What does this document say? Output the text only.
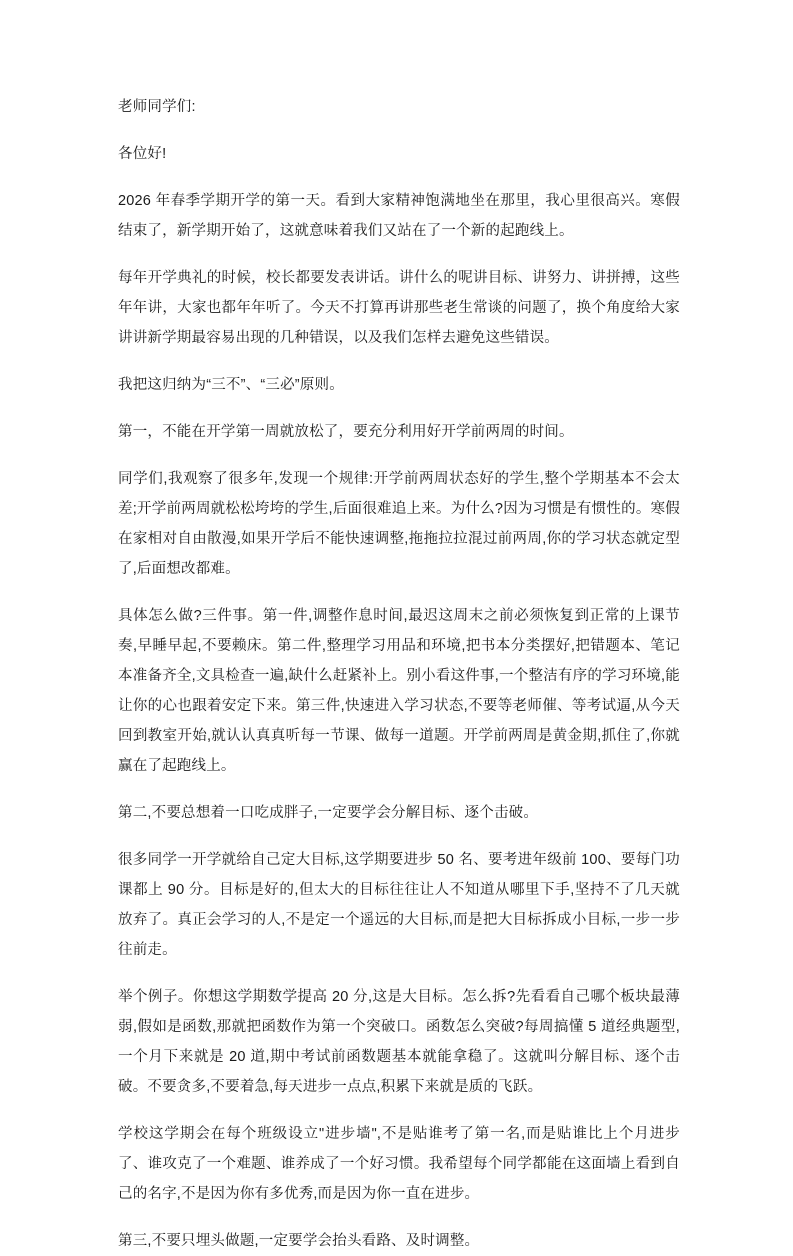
老师同学们:

各位好!

2026 年春季学期开学的第一天。看到大家精神饱满地坐在那里，我心里很高兴。寒假结束了，新学期开始了，这就意味着我们又站在了一个新的起跑线上。

每年开学典礼的时候，校长都要发表讲话。讲什么的呢讲目标、讲努力、讲拼搏，这些年年讲，大家也都年年听了。今天不打算再讲那些老生常谈的问题了，换个角度给大家讲讲新学期最容易出现的几种错误，以及我们怎样去避免这些错误。

我把这归纳为“三不”、“三必”原则。

第一，不能在开学第一周就放松了，要充分利用好开学前两周的时间。

同学们,我观察了很多年,发现一个规律:开学前两周状态好的学生,整个学期基本不会太差;开学前两周就松松垮垮的学生,后面很难追上来。为什么?因为习惯是有惯性的。寒假在家相对自由散漫,如果开学后不能快速调整,拖拖拉拉混过前两周,你的学习状态就定型了,后面想改都难。

具体怎么做?三件事。第一件,调整作息时间,最迟这周末之前必须恢复到正常的上课节奏,早睡早起,不要赖床。第二件,整理学习用品和环境,把书本分类摆好,把错题本、笔记本准备齐全,文具检查一遍,缺什么赶紧补上。别小看这件事,一个整洁有序的学习环境,能让你的心也跟着安定下来。第三件,快速进入学习状态,不要等老师催、等考试逼,从今天回到教室开始,就认认真真听每一节课、做每一道题。开学前两周是黄金期,抓住了,你就赢在了起跑线上。

第二,不要总想着一口吃成胖子,一定要学会分解目标、逐个击破。

很多同学一开学就给自己定大目标,这学期要进步 50 名、要考进年级前 100、要每门功课都上 90 分。目标是好的,但太大的目标往往让人不知道从哪里下手,坚持不了几天就放弃了。真正会学习的人,不是定一个遥远的大目标,而是把大目标拆成小目标,一步一步往前走。

举个例子。你想这学期数学提高 20 分,这是大目标。怎么拆?先看看自己哪个板块最薄弱,假如是函数,那就把函数作为第一个突破口。函数怎么突破?每周搞懂 5 道经典题型,一个月下来就是 20 道,期中考试前函数题基本就能拿稳了。这就叫分解目标、逐个击破。不要贪多,不要着急,每天进步一点点,积累下来就是质的飞跃。

学校这学期会在每个班级设立"进步墙",不是贴谁考了第一名,而是贴谁比上个月进步了、谁攻克了一个难题、谁养成了一个好习惯。我希望每个同学都能在这面墙上看到自己的名字,不是因为你有多优秀,而是因为你一直在进步。

第三,不要只埋头做题,一定要学会抬头看路、及时调整。
